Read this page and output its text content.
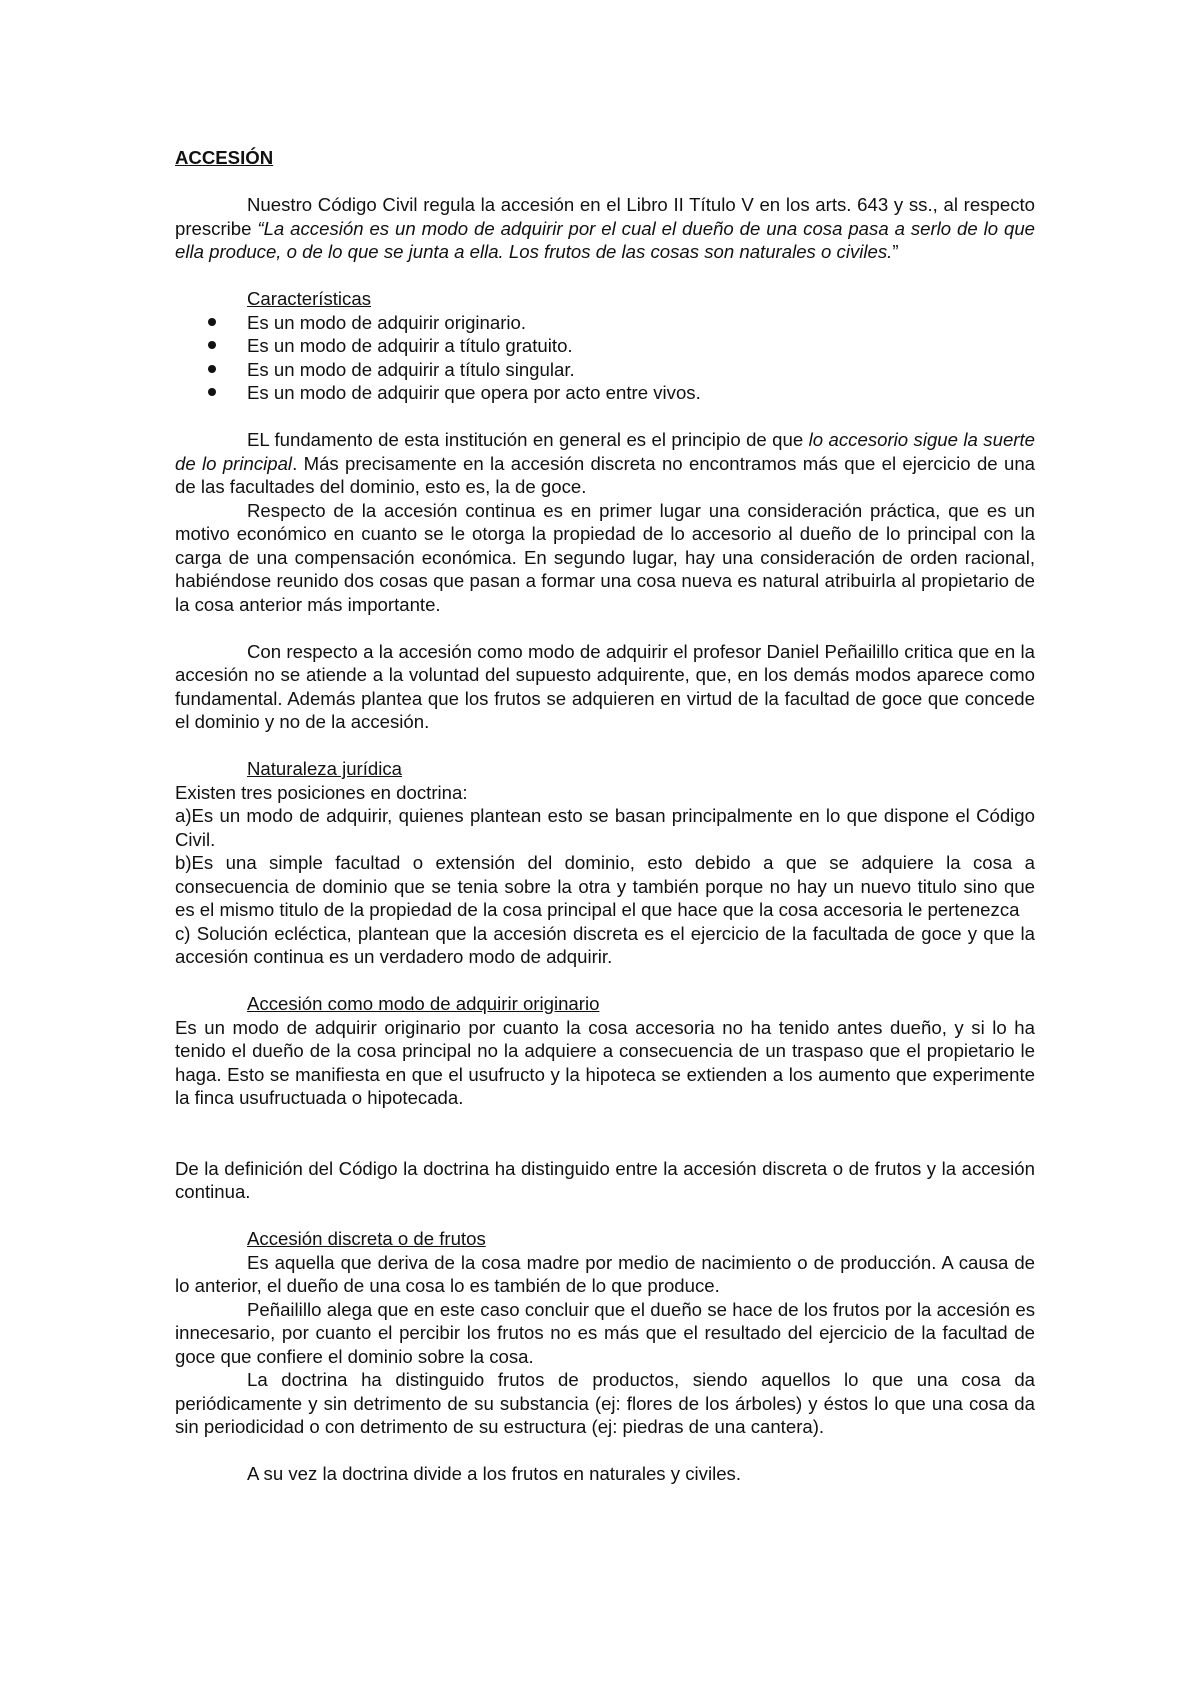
ACCESIÓN

Nuestro Código Civil regula la accesión en el Libro II Título V en los arts. 643 y ss., al respecto prescribe “La accesión es un modo de adquirir por el cual el dueño de una cosa pasa a serlo de lo que ella produce, o de lo que se junta a ella. Los frutos de las cosas son naturales o civiles.”

Características

Es un modo de adquirir originario.
Es un modo de adquirir a título gratuito.
Es un modo de adquirir a título singular.
Es un modo de adquirir que opera por acto entre vivos.

EL fundamento de esta institución en general es el principio de que lo accesorio sigue la suerte de lo principal. Más precisamente en la accesión discreta no encontramos más que el ejercicio de una de las facultades del dominio, esto es, la de goce.

Respecto de la accesión continua es en primer lugar una consideración práctica, que es un motivo económico en cuanto se le otorga la propiedad de lo accesorio al dueño de lo principal con la carga de una compensación económica. En segundo lugar, hay una consideración de orden racional, habiéndose reunido dos cosas que pasan a formar una cosa nueva es natural atribuirla al propietario de la cosa anterior más importante.

Con respecto a la accesión como modo de adquirir el profesor Daniel Peñailillo critica que en la accesión no se atiende a la voluntad del supuesto adquirente, que, en los demás modos aparece como fundamental. Además plantea que los frutos se adquieren en virtud de la facultad de goce que concede el dominio y no de la accesión.

Naturaleza jurídica

Existen tres posiciones en doctrina:

a)Es un modo de adquirir, quienes plantean esto se basan principalmente en lo que dispone el Código Civil.

b)Es una simple facultad o extensión del dominio, esto debido a que se adquiere la cosa a consecuencia de dominio que se tenia sobre la otra y también porque no hay un nuevo titulo sino que es el mismo titulo de la propiedad de la cosa principal el que hace que la cosa accesoria le pertenezca

c) Solución ecléctica, plantean que la accesión discreta es el ejercicio de la facultada de goce y que la accesión continua es un verdadero modo de adquirir.

Accesión como modo de adquirir originario

Es un modo de adquirir originario por cuanto la cosa accesoria no ha tenido antes dueño, y si lo ha tenido el dueño de la cosa principal no la adquiere a consecuencia de un traspaso que el propietario le haga. Esto se manifiesta en que el usufructo y la hipoteca se extienden a los aumento que experimente la finca usufructuada o hipotecada.

De la definición del Código la doctrina ha distinguido entre la accesión discreta o de frutos y la accesión continua.

Accesión discreta o de frutos

Es aquella que deriva de la cosa madre por medio de nacimiento o de producción. A causa de lo anterior, el dueño de una cosa lo es también de lo que produce.

Peñailillo alega que en este caso concluir que el dueño se hace de los frutos por la accesión es innecesario, por cuanto el percibir los frutos no es más que el resultado del ejercicio de la facultad de goce que confiere el dominio sobre la cosa.

La doctrina ha distinguido frutos de productos, siendo aquellos lo que una cosa da periódicamente y sin detrimento de su substancia (ej: flores de los árboles) y éstos lo que una cosa da sin periodicidad o con detrimento de su estructura (ej: piedras de una cantera).

A su vez la doctrina divide a los frutos en naturales y civiles.
